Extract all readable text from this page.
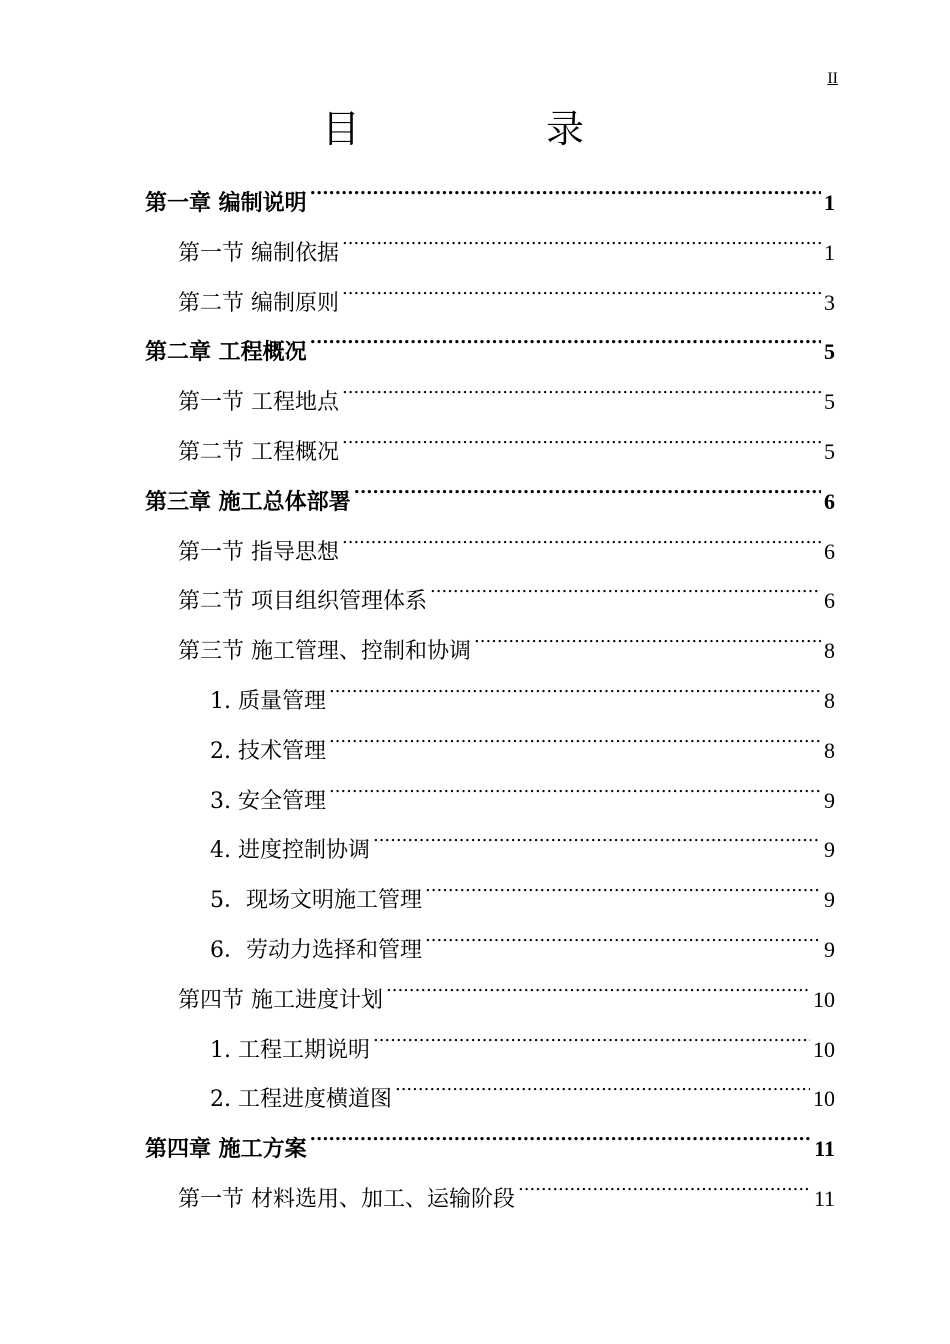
II
目　录
第一章 编制说明 .....	1
第一节 编制依据 .....	1
第二节 编制原则 .....	3
第二章 工程概况 .....	5
第一节 工程地点 .....	5
第二节 工程概况 .....	5
第三章 施工总体部署 .....	6
第一节 指导思想 .....	6
第二节 项目组织管理体系 .....	6
第三节 施工管理、控制和协调 .....	8
1. 质量管理 .....	8
2. 技术管理 .....	8
3. 安全管理 .....	9
4. 进度控制协调 .....	9
5．现场文明施工管理 .....	9
6．劳动力选择和管理 .....	9
第四节 施工进度计划 .....	10
1. 工程工期说明 .....	10
2. 工程进度横道图 .....	10
第四章 施工方案 .....	11
第一节 材料选用、加工、运输阶段 .....	11
